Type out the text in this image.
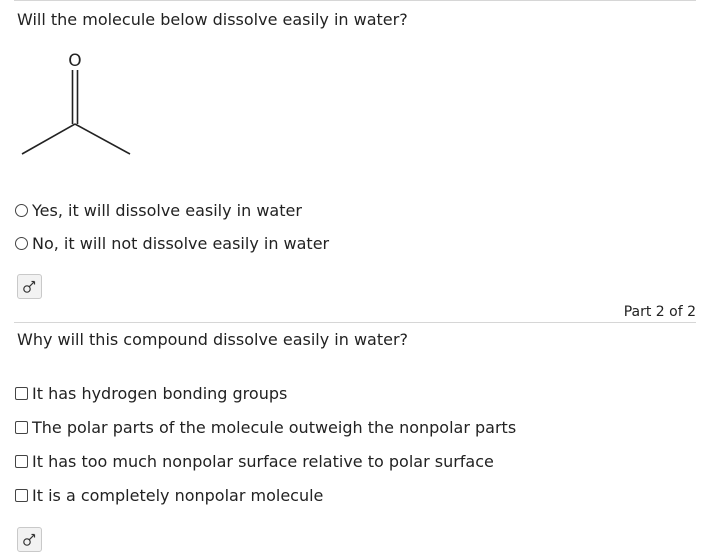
Will the molecule below dissolve easily in water?
O
Yes, it will dissolve easily in water
No, it will not dissolve easily in water
Part 2 of 2
Why will this compound dissolve easily in water?
It has hydrogen bonding groups
The polar parts of the molecule outweigh the nonpolar parts
It has too much nonpolar surface relative to polar surface
It is a completely nonpolar molecule
